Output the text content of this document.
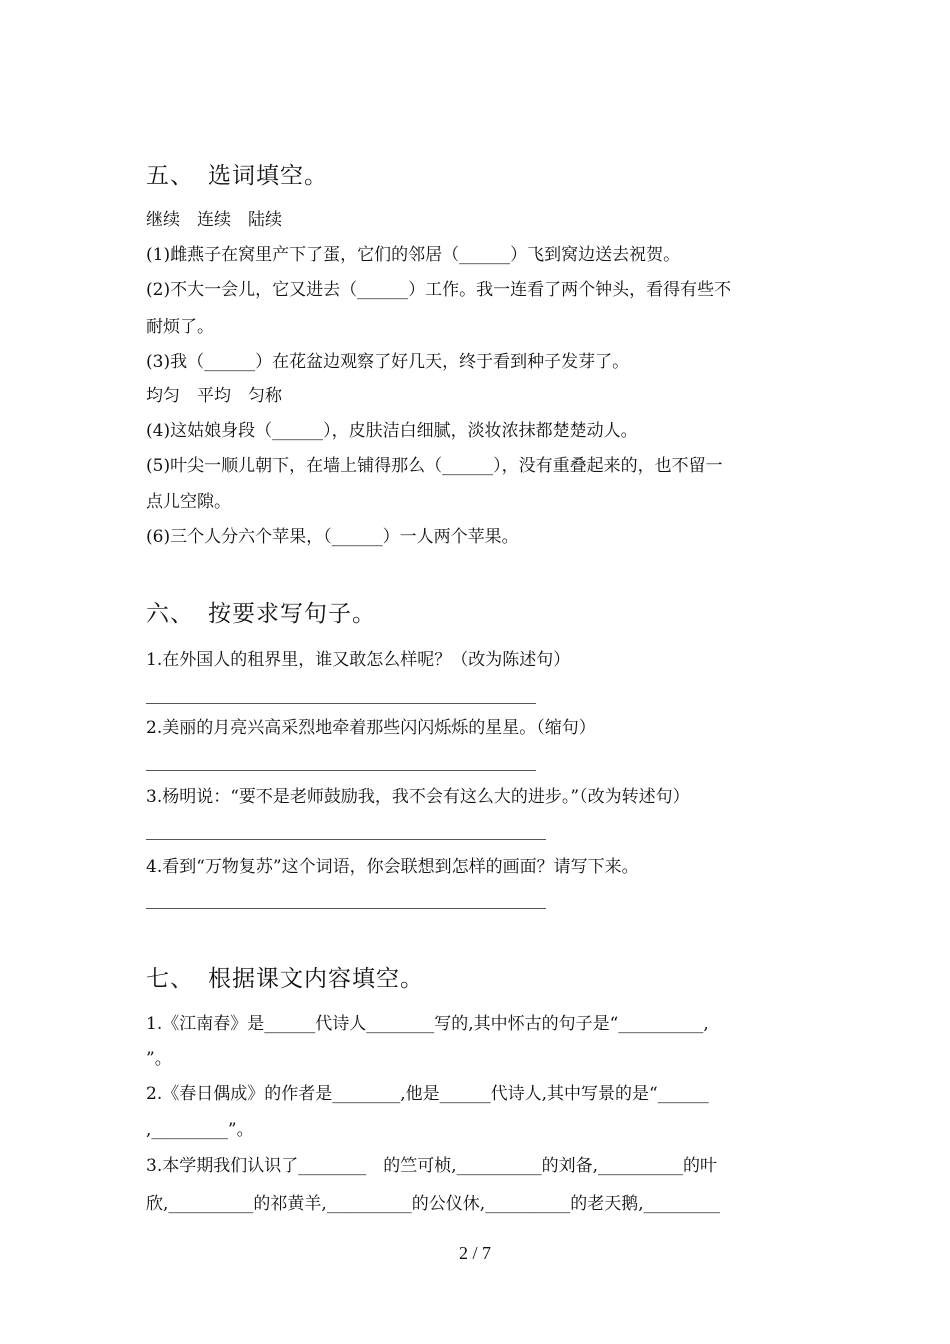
五、 选词填空。
继续　连续　陆续
(1)雌燕子在窝里产下了蛋，它们的邻居（______）飞到窝边送去祝贺。
(2)不大一会儿，它又进去（______）工作。我一连看了两个钟头，看得有些不
耐烦了。
(3)我（______）在花盆边观察了好几天，终于看到种子发芽了。
均匀　平均　匀称
(4)这姑娘身段（______），皮肤洁白细腻，淡妆浓抹都楚楚动人。
(5)叶尖一顺儿朝下，在墙上铺得那么（______），没有重叠起来的，也不留一
点儿空隙。
(6)三个人分六个苹果，（______）一人两个苹果。
六、 按要求写句子。
1.在外国人的租界里，谁又敢怎么样呢？（改为陈述句）
2.美丽的月亮兴高采烈地牵着那些闪闪烁烁的星星。（缩句）
3.杨明说：“要不是老师鼓励我，我不会有这么大的进步。”（改为转述句）
4.看到“万物复苏”这个词语，你会联想到怎样的画面？请写下来。
七、 根据课文内容填空。
1.《江南春》是______代诗人________写的,其中怀古的句子是“__________,
”。
2.《春日偶成》的作者是________,他是______代诗人,其中写景的是“______
,_________”。
3.本学期我们认识了________　的竺可桢,__________的刘备,__________的叶
欣,__________的祁黄羊,__________的公仪休,__________的老天鹅,_________
2 / 7
